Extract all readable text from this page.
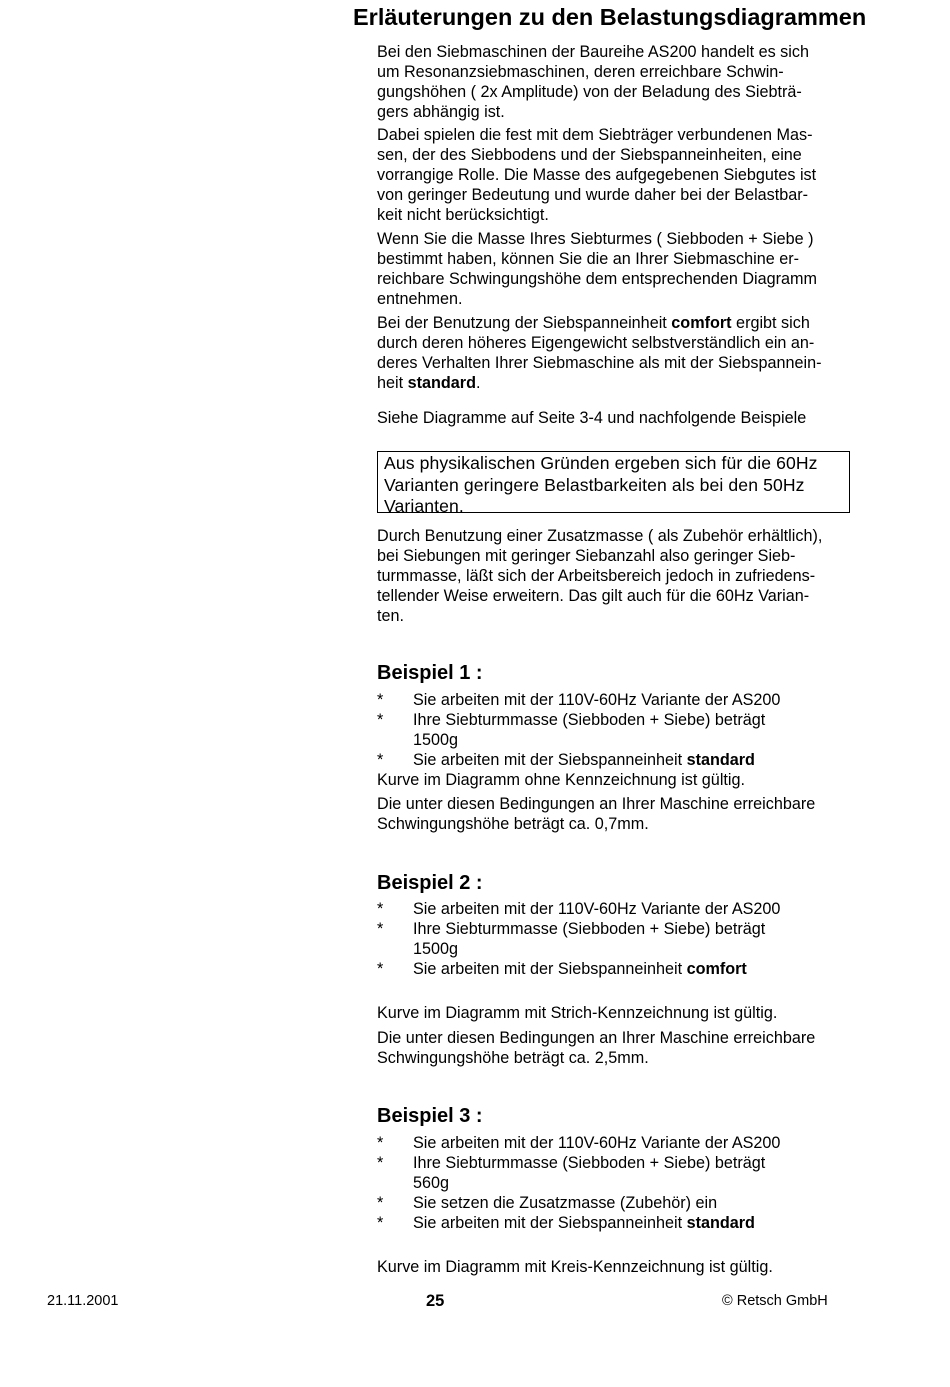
Erläuterungen zu den Belastungsdiagrammen

Bei den Siebmaschinen der Baureihe AS200 handelt es sich
um Resonanzsiebmaschinen, deren erreichbare Schwin-
gungshöhen ( 2x Amplitude) von der Beladung des Siebträ-
gers abhängig ist.

Dabei spielen die fest mit dem Siebträger verbundenen Mas-
sen, der des Siebbodens und der Siebspanneinheiten, eine
vorrangige Rolle. Die Masse des aufgegebenen Siebgutes ist
von geringer Bedeutung und wurde daher bei der Belastbar-
keit nicht berücksichtigt.

Wenn Sie die Masse Ihres Siebturmes ( Siebboden + Siebe )
bestimmt haben, können Sie die an Ihrer Siebmaschine er-
reichbare Schwingungshöhe dem entsprechenden Diagramm
entnehmen.

Bei der Benutzung der Siebspanneinheit comfort ergibt sich
durch deren höheres Eigengewicht selbstverständlich ein an-
deres Verhalten Ihrer Siebmaschine als mit der Siebspannein-
heit standard.

Siehe Diagramme auf Seite 3-4 und nachfolgende Beispiele

Aus physikalischen Gründen ergeben sich für die 60Hz Varianten geringere Belastbarkeiten als bei den 50Hz Varianten.

Durch Benutzung einer Zusatzmasse ( als Zubehör erhältlich),
bei Siebungen mit geringer Siebanzahl also geringer Sieb-
turmmasse, läßt sich der Arbeitsbereich jedoch in zufriedens-
tellender Weise erweitern. Das gilt auch für die 60Hz Varian-
ten.

Beispiel 1 :
* Sie arbeiten mit der 110V-60Hz Variante der AS200
* Ihre Siebturmmasse (Siebboden + Siebe) beträgt
1500g
* Sie arbeiten mit der Siebspanneinheit standard
Kurve im Diagramm ohne Kennzeichnung ist gültig.
Die unter diesen Bedingungen an Ihrer Maschine erreichbare
Schwingungshöhe beträgt ca. 0,7mm.
Beispiel 2 :
* Sie arbeiten mit der 110V-60Hz Variante der AS200
* Ihre Siebturmmasse (Siebboden + Siebe) beträgt
1500g
* Sie arbeiten mit der Siebspanneinheit comfort
Kurve im Diagramm mit Strich-Kennzeichnung ist gültig.
Die unter diesen Bedingungen an Ihrer Maschine erreichbare
Schwingungshöhe beträgt ca. 2,5mm.
Beispiel 3 :
* Sie arbeiten mit der 110V-60Hz Variante der AS200
* Ihre Siebturmmasse (Siebboden + Siebe) beträgt
560g
* Sie setzen die Zusatzmasse (Zubehör) ein
* Sie arbeiten mit der Siebspanneinheit standard
Kurve im Diagramm mit Kreis-Kennzeichnung ist gültig.
21.11.2001	25	© Retsch GmbH
